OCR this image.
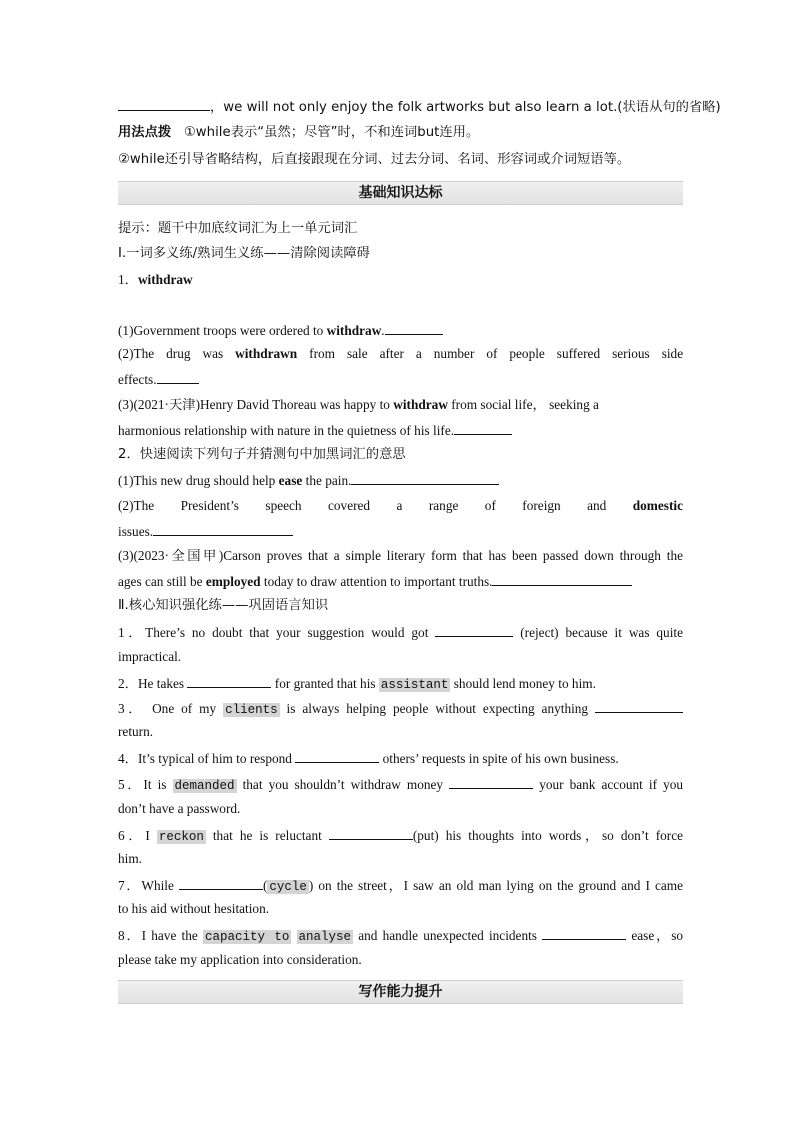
，we will not only enjoy the folk artworks but also learn a lot.(状语从句的省略)
用法点拨 ①while表示“虽然；尽管”时，不和连词but连用。
②while还引导省略结构，后直接跟现在分词、过去分词、名词、形容词或介词短语等。
基础知识达标
提示：题干中加底纹词汇为上一单元词汇
Ⅰ.一词多义练/熟词生义练——清除阅读障碍
1．withdraw
(1)Government troops were ordered to withdraw.
(2)The drug was withdrawn from sale after a number of people suffered serious side
effects.
(3)(2021·天津)Henry David Thoreau was happy to withdraw from social life， seeking a
harmonious relationship with nature in the quietness of his life.
2．快速阅读下列句子并猜测句中加黑词汇的意思
(1)This new drug should help ease the pain.
(2)The President’s speech covered a range of foreign and domestic
issues.
(3)(2023·全国甲)Carson proves that a simple literary form that has been passed down through the
ages can still be employed today to draw attention to important truths.
Ⅱ.核心知识强化练——巩固语言知识
1．There’s no doubt that your suggestion would got	(reject) because it was quite
impractical.
2．He takes	for granted that his assistant should lend money to him.
3． One of my clients is always helping people without expecting anything
return.
4．It’s typical of him to respond	others’ requests in spite of his own business.
5．It is demanded that you shouldn’t withdraw money	your bank account if you
don’t have a password.
6．I reckon that he is reluctant	(put) his thoughts into words，so don’t force
him.
7．While	( cycle ) on the street，I saw an old man lying on the ground and I came
to his aid without hesitation.
8．I have the capacity to analyse and handle unexpected incidents	ease，so
please take my application into consideration.
写作能力提升
